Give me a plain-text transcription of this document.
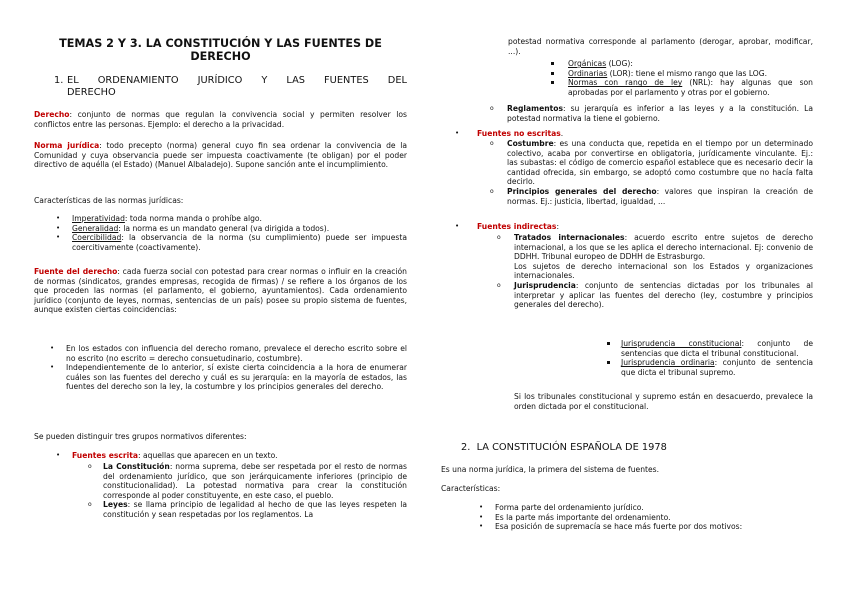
TEMAS 2 Y 3. LA CONSTITUCIÓN Y LAS FUENTES DE
DERECHO
1. EL ORDENAMIENTO JURÍDICO Y LAS FUENTES DEL
DERECHO

Derecho: conjunto de normas que regulan la convivencia social y permiten resolver los conflictos entre las personas. Ejemplo: el derecho a la privacidad.

Norma jurídica: todo precepto (norma) general cuyo fin sea ordenar la convivencia de la Comunidad y cuya observancia puede ser impuesta coactivamente (te obligan) por el poder directivo de aquélla (el Estado) (Manuel Albaladejo). Supone sanción ante el incumplimiento.

Características de las normas jurídicas:

• Imperatividad: toda norma manda o prohíbe algo.
• Generalidad: la norma es un mandato general (va dirigida a todos).
• Coercibilidad: la observancia de la norma (su cumplimiento) puede ser impuesta coercitivamente (coactivamente).

Fuente del derecho: cada fuerza social con potestad para crear normas o influir en la creación de normas (sindicatos, grandes empresas, recogida de firmas) / se refiere a los órganos de los que proceden las normas (el parlamento, el gobierno, ayuntamientos). Cada ordenamiento jurídico (conjunto de leyes, normas, sentencias de un país) posee su propio sistema de fuentes, aunque existen ciertas coincidencias:

• En los estados con influencia del derecho romano, prevalece el derecho escrito sobre el no escrito (no escrito = derecho consuetudinario, costumbre).
• Independientemente de lo anterior, sí existe cierta coincidencia a la hora de enumerar cuáles son las fuentes del derecho y cuál es su jerarquía: en la mayoría de estados, las fuentes del derecho son la ley, la costumbre y los principios generales del derecho.

Se pueden distinguir tres grupos normativos diferentes:

• Fuentes escrita: aquellas que aparecen en un texto.
o La Constitución: norma suprema, debe ser respetada por el resto de normas del ordenamiento jurídico, que son jerárquicamente inferiores (principio de constitucionalidad). La potestad normativa para crear la constitución corresponde al poder constituyente, en este caso, el pueblo.
o Leyes: se llama principio de legalidad al hecho de que las leyes respeten la constitución y sean respetadas por los reglamentos. La

potestad normativa corresponde al parlamento (derogar, aprobar, modificar, ...).

Orgánicas (LOG):
Ordinarias (LOR): tiene el mismo rango que las LOG.
Normas con rango de ley (NRL): hay algunas que son aprobadas por el parlamento y otras por el gobierno.
o Reglamentos: su jerarquía es inferior a las leyes y a la constitución. La potestad normativa la tiene el gobierno.
• Fuentes no escritas.
o Costumbre: es una conducta que, repetida en el tiempo por un determinado colectivo, acaba por convertirse en obligatoria, jurídicamente vinculante. Ej.: las subastas: el código de comercio español establece que es necesario decir la cantidad ofrecida, sin embargo, se adoptó como costumbre que no hacía falta decirlo.
o Principios generales del derecho: valores que inspiran la creación de normas. Ej.: justicia, libertad, igualdad, ...
• Fuentes indirectas:
o Tratados internacionales: acuerdo escrito entre sujetos de derecho internacional, a los que se les aplica el derecho internacional. Ej: convenio de DDHH. Tribunal europeo de DDHH de Estrasburgo.
Los sujetos de derecho internacional son los Estados y organizaciones internacionales.
o Jurisprudencia: conjunto de sentencias dictadas por los tribunales al interpretar y aplicar las fuentes del derecho (ley, costumbre y principios generales del derecho).
Jurisprudencia constitucional: conjunto de sentencias que dicta el tribunal constitucional.
Jurisprudencia ordinaria: conjunto de sentencia que dicta el tribunal supremo.

Si los tribunales constitucional y supremo están en desacuerdo, prevalece la orden dictada por el constitucional.

2. LA CONSTITUCIÓN ESPAÑOLA DE 1978

Es una norma jurídica, la primera del sistema de fuentes.

Características:

• Forma parte del ordenamiento jurídico.
• Es la parte más importante del ordenamiento.
• Esa posición de supremacía se hace más fuerte por dos motivos:
